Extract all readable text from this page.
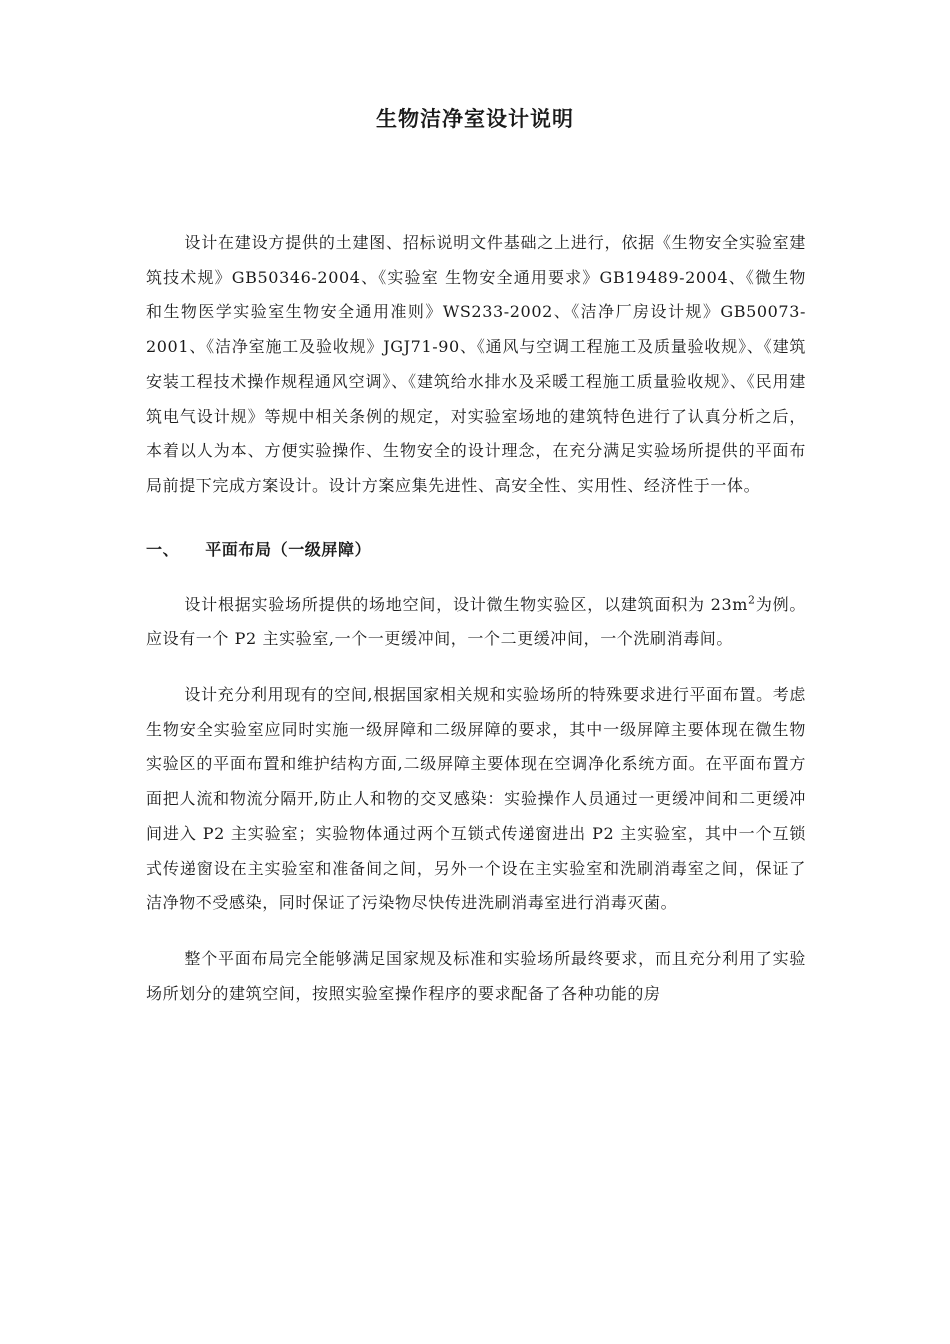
生物洁净室设计说明

设计在建设方提供的土建图、招标说明文件基础之上进行，依据《生物安全实验室建筑技术规》GB50346-2004、《实验室 生物安全通用要求》GB19489-2004、《微生物和生物医学实验室生物安全通用准则》WS233-2002、《洁净厂房设计规》GB50073-2001、《洁净室施工及验收规》JGJ71-90、《通风与空调工程施工及质量验收规》、《建筑安装工程技术操作规程通风空调》、《建筑给水排水及采暖工程施工质量验收规》、《民用建筑电气设计规》等规中相关条例的规定，对实验室场地的建筑特色进行了认真分析之后，本着以人为本、方便实验操作、生物安全的设计理念，在充分满足实验场所提供的平面布局前提下完成方案设计。设计方案应集先进性、高安全性、实用性、经济性于一体。

一、 平面布局（一级屏障）

设计根据实验场所提供的场地空间，设计微生物实验区，以建筑面积为 $23m^2$为例。应设有一个 P2 主实验室,一个一更缓冲间，一个二更缓冲间，一个洗刷消毒间。

设计充分利用现有的空间,根据国家相关规和实验场所的特殊要求进行平面布置。考虑生物安全实验室应同时实施一级屏障和二级屏障的要求，其中一级屏障主要体现在微生物实验区的平面布置和维护结构方面,二级屏障主要体现在空调净化系统方面。在平面布置方面把人流和物流分隔开,防止人和物的交叉感染：实验操作人员通过一更缓冲间和二更缓冲间进入 P2 主实验室；实验物体通过两个互锁式传递窗进出 P2 主实验室，其中一个互锁式传递窗设在主实验室和准备间之间，另外一个设在主实验室和洗刷消毒室之间，保证了洁净物不受感染，同时保证了污染物尽快传进洗刷消毒室进行消毒灭菌。

整个平面布局完全能够满足国家规及标准和实验场所最终要求，而且充分利用了实验场所划分的建筑空间，按照实验室操作程序的要求配备了各种功能的房
